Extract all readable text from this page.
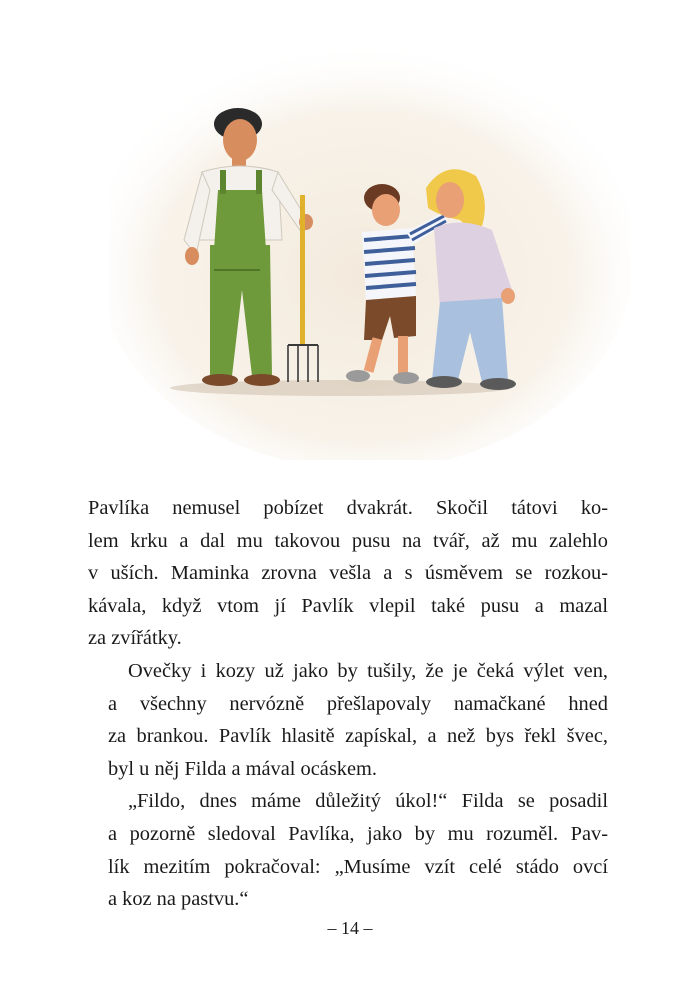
Pavlíka nemusel pobízet dvakrát. Skočil tátovi ko-
lem krku a dal mu takovou pusu na tvář, až mu zalehlo
v uších. Maminka zrovna vešla a s úsměvem se rozkou-
kávala, když vtom jí Pavlík vlepil také pusu a mazal
za zvířátky.

Ovečky i kozy už jako by tušily, že je čeká výlet ven,
a všechny nervózně přešlapovaly namačkané hned
za brankou. Pavlík hlasitě zapískal, a než bys řekl švec,
byl u něj Filda a mával ocáskem.

„Fildo, dnes máme důležitý úkol!“ Filda se posadil
a pozorně sledoval Pavlíka, jako by mu rozuměl. Pav-
lík mezitím pokračoval: „Musíme vzít celé stádo ovcí
a koz na pastvu.“

– 14 –
